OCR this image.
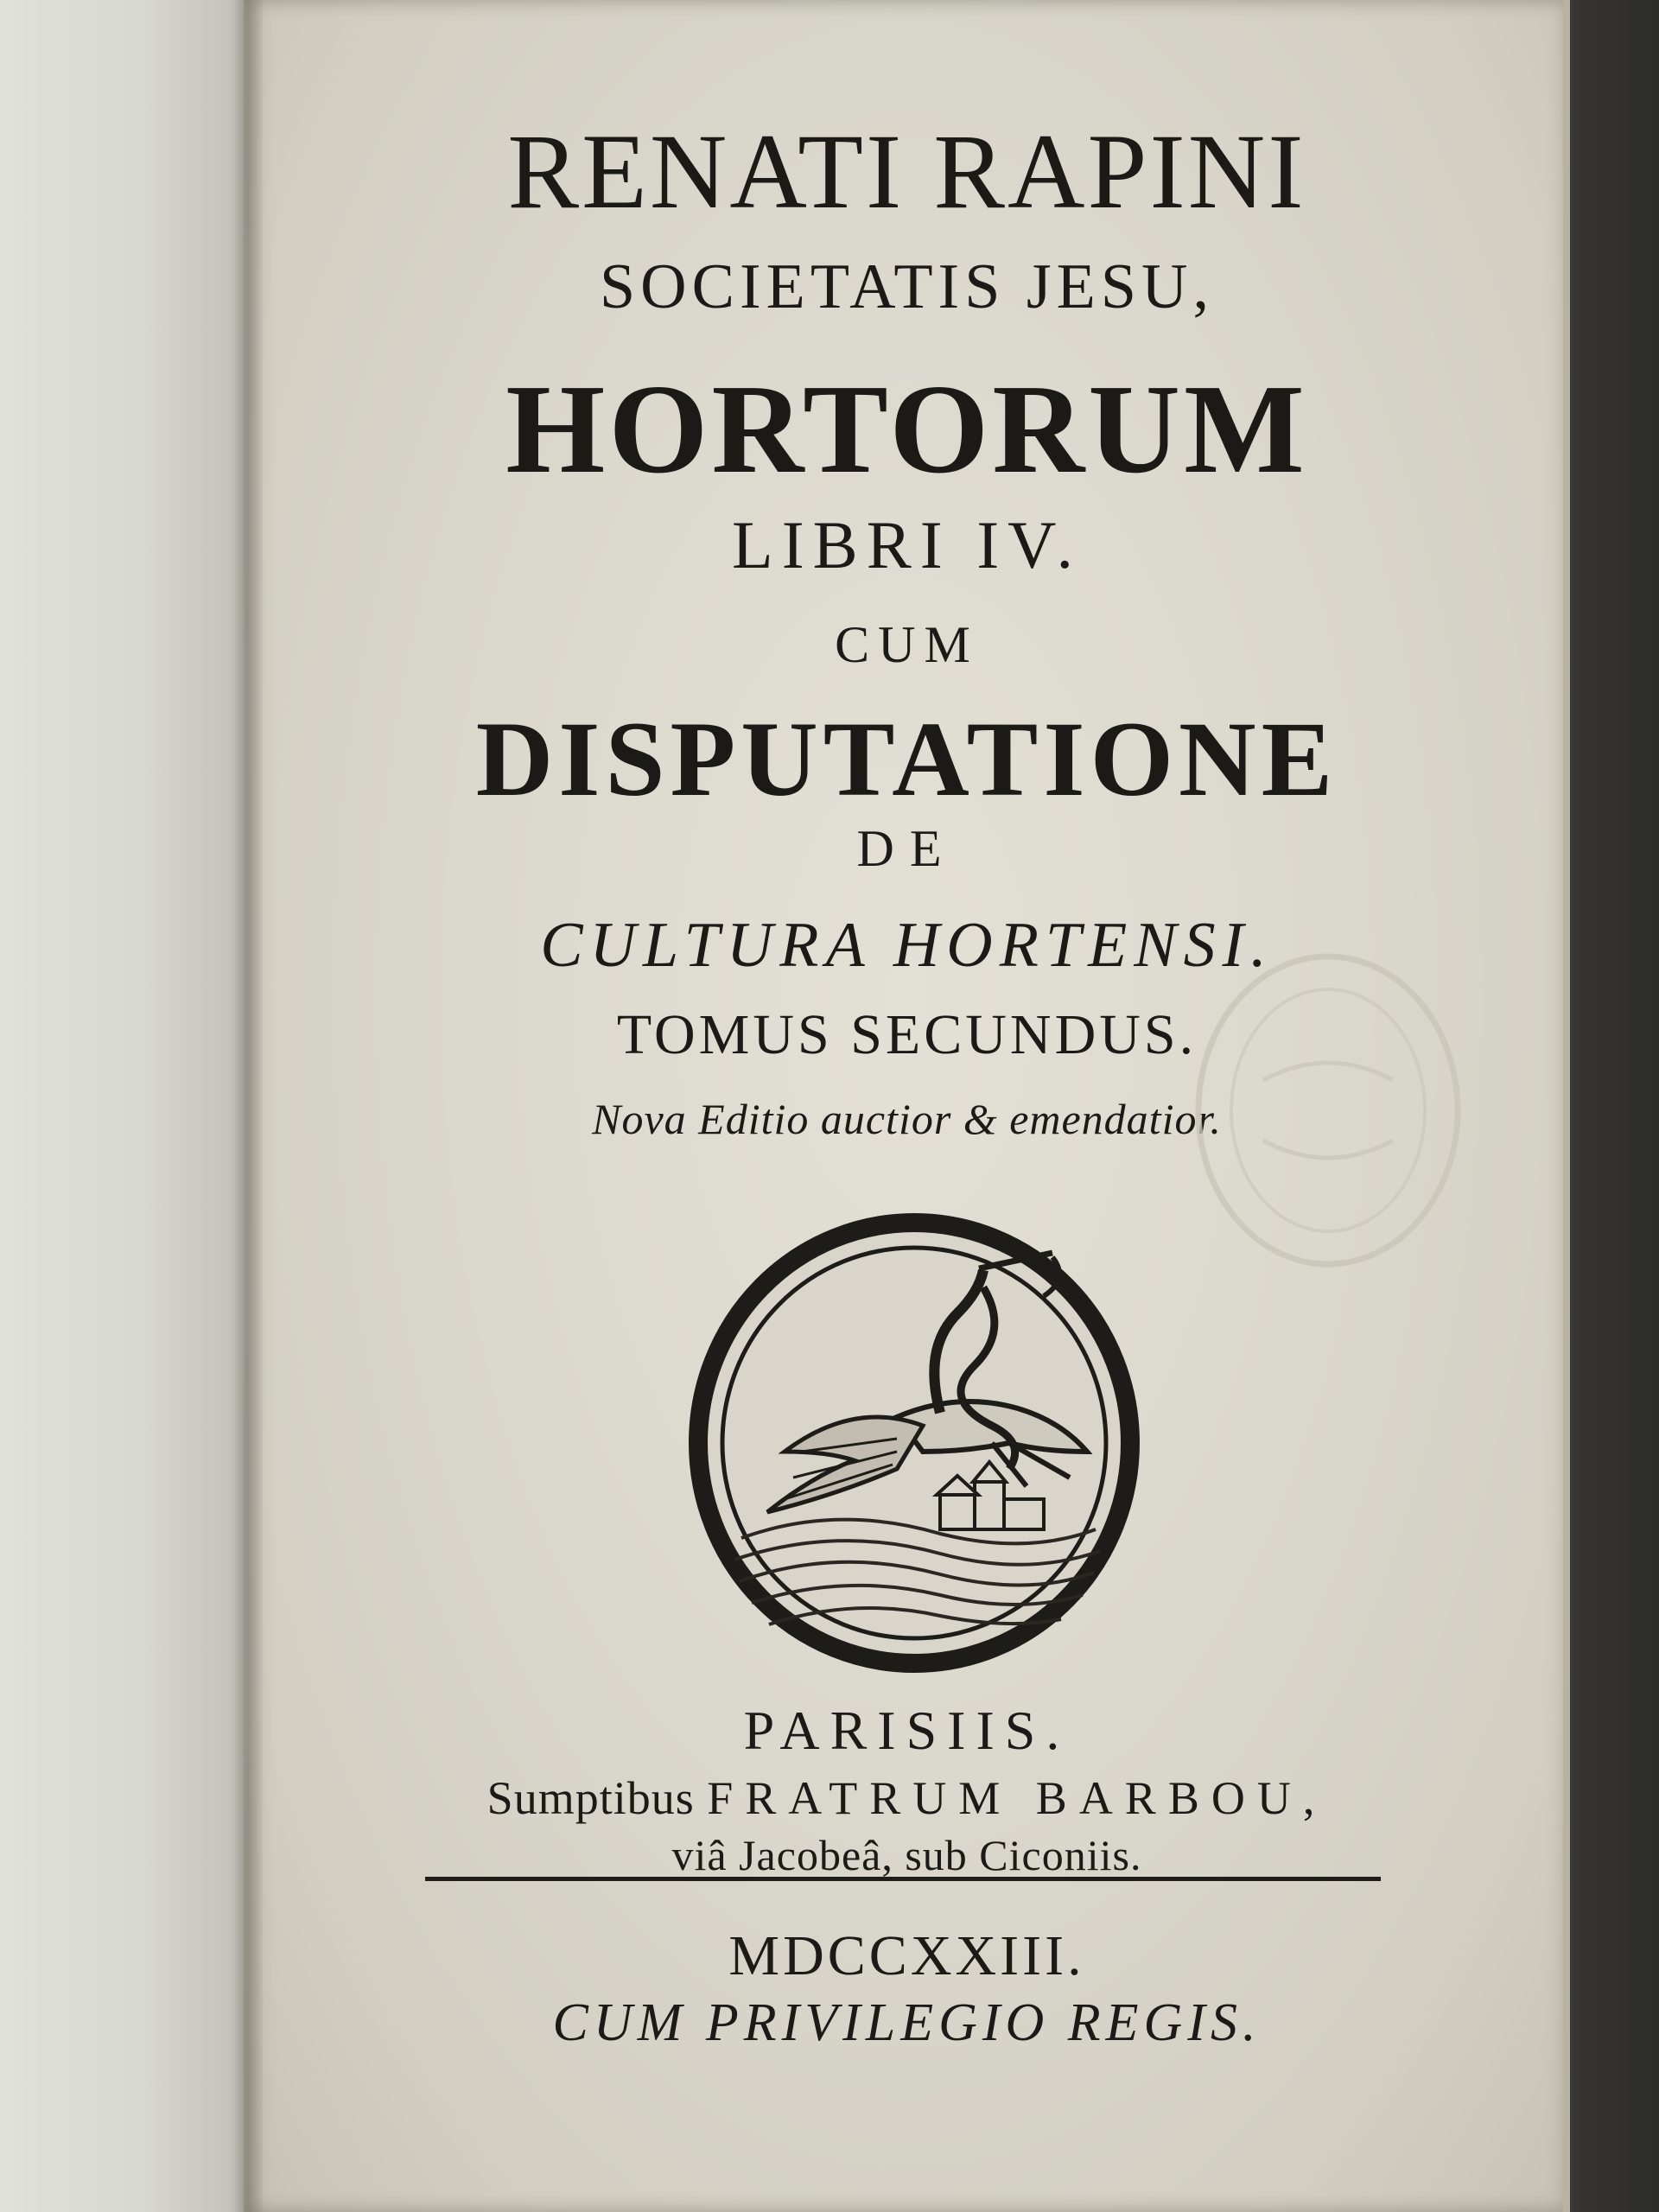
RENATI RAPINI
SOCIETATIS JESU,
HORTORUM
LIBRI IV.
CUM
DISPUTATIONE
DE
CULTURA HORTENSI.
TOMUS SECUNDUS.
Nova Editio auctior & emendatior.
PARISIIS.
Sumptibus FRATRUM BARBOU,
viâ Jacobeâ, sub Ciconiis.
MDCCXXIII.
CUM PRIVILEGIO REGIS.
